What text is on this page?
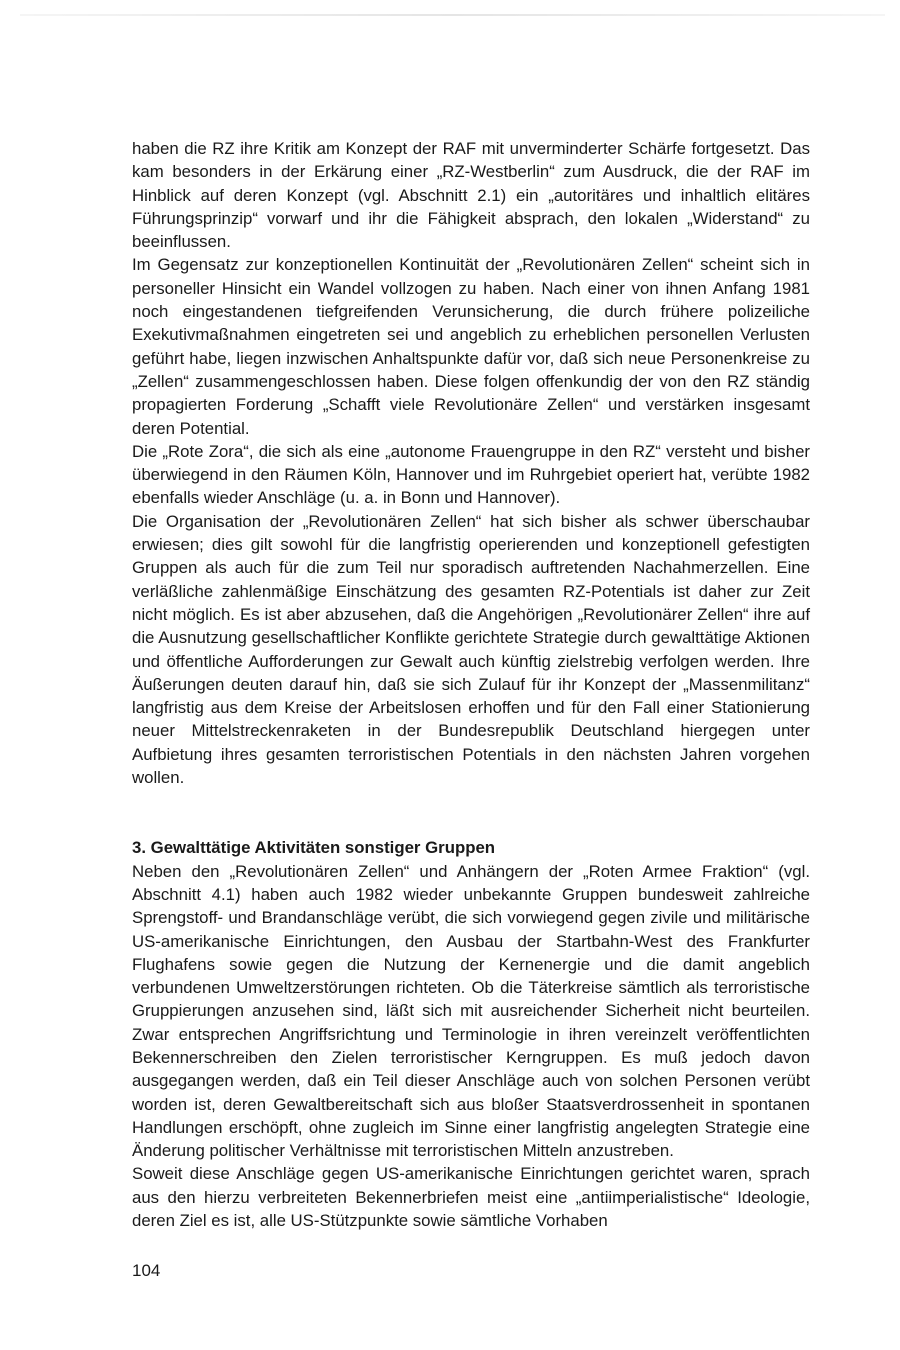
haben die RZ ihre Kritik am Konzept der RAF mit unverminderter Schärfe fortgesetzt. Das kam besonders in der Erkärung einer „RZ-Westberlin“ zum Ausdruck, die der RAF im Hinblick auf deren Konzept (vgl. Abschnitt 2.1) ein „autoritäres und inhaltlich elitäres Führungsprinzip“ vorwarf und ihr die Fähigkeit absprach, den lokalen „Widerstand“ zu beeinflussen.

Im Gegensatz zur konzeptionellen Kontinuität der „Revolutionären Zellen“ scheint sich in personeller Hinsicht ein Wandel vollzogen zu haben. Nach einer von ihnen Anfang 1981 noch eingestandenen tiefgreifenden Verunsicherung, die durch frühere polizeiliche Exekutivmaßnahmen eingetreten sei und angeblich zu erheblichen personellen Verlusten geführt habe, liegen inzwischen Anhaltspunkte dafür vor, daß sich neue Personenkreise zu „Zellen“ zusammengeschlossen haben. Diese folgen offenkundig der von den RZ ständig propagierten Forderung „Schafft viele Revolutionäre Zellen“ und verstärken insgesamt deren Potential.

Die „Rote Zora“, die sich als eine „autonome Frauengruppe in den RZ“ versteht und bisher überwiegend in den Räumen Köln, Hannover und im Ruhrgebiet operiert hat, verübte 1982 ebenfalls wieder Anschläge (u. a. in Bonn und Hannover).

Die Organisation der „Revolutionären Zellen“ hat sich bisher als schwer überschaubar erwiesen; dies gilt sowohl für die langfristig operierenden und konzeptionell gefestigten Gruppen als auch für die zum Teil nur sporadisch auftretenden Nachahmerzellen. Eine verläßliche zahlenmäßige Einschätzung des gesamten RZ-Potentials ist daher zur Zeit nicht möglich. Es ist aber abzusehen, daß die Angehörigen „Revolutionärer Zellen“ ihre auf die Ausnutzung gesellschaftlicher Konflikte gerichtete Strategie durch gewalttätige Aktionen und öffentliche Aufforderungen zur Gewalt auch künftig zielstrebig verfolgen werden. Ihre Äußerungen deuten darauf hin, daß sie sich Zulauf für ihr Konzept der „Massenmilitanz“ langfristig aus dem Kreise der Arbeitslosen erhoffen und für den Fall einer Stationierung neuer Mittelstreckenraketen in der Bundesrepublik Deutschland hiergegen unter Aufbietung ihres gesamten terroristischen Potentials in den nächsten Jahren vorgehen wollen.

3. Gewalttätige Aktivitäten sonstiger Gruppen

Neben den „Revolutionären Zellen“ und Anhängern der „Roten Armee Fraktion“ (vgl. Abschnitt 4.1) haben auch 1982 wieder unbekannte Gruppen bundesweit zahlreiche Sprengstoff- und Brandanschläge verübt, die sich vorwiegend gegen zivile und militärische US-amerikanische Einrichtungen, den Ausbau der Startbahn-West des Frankfurter Flughafens sowie gegen die Nutzung der Kernenergie und die damit angeblich verbundenen Umweltzerstörungen richteten. Ob die Täterkreise sämtlich als terroristische Gruppierungen anzusehen sind, läßt sich mit ausreichender Sicherheit nicht beurteilen. Zwar entsprechen Angriffsrichtung und Terminologie in ihren vereinzelt veröffentlichten Bekennerschreiben den Zielen terroristischer Kerngruppen. Es muß jedoch davon ausgegangen werden, daß ein Teil dieser Anschläge auch von solchen Personen verübt worden ist, deren Gewaltbereitschaft sich aus bloßer Staatsverdrossenheit in spontanen Handlungen erschöpft, ohne zugleich im Sinne einer langfristig angelegten Strategie eine Änderung politischer Verhältnisse mit terroristischen Mitteln anzustreben.

Soweit diese Anschläge gegen US-amerikanische Einrichtungen gerichtet waren, sprach aus den hierzu verbreiteten Bekennerbriefen meist eine „antiimperialistische“ Ideologie, deren Ziel es ist, alle US-Stützpunkte sowie sämtliche Vorhaben

104
